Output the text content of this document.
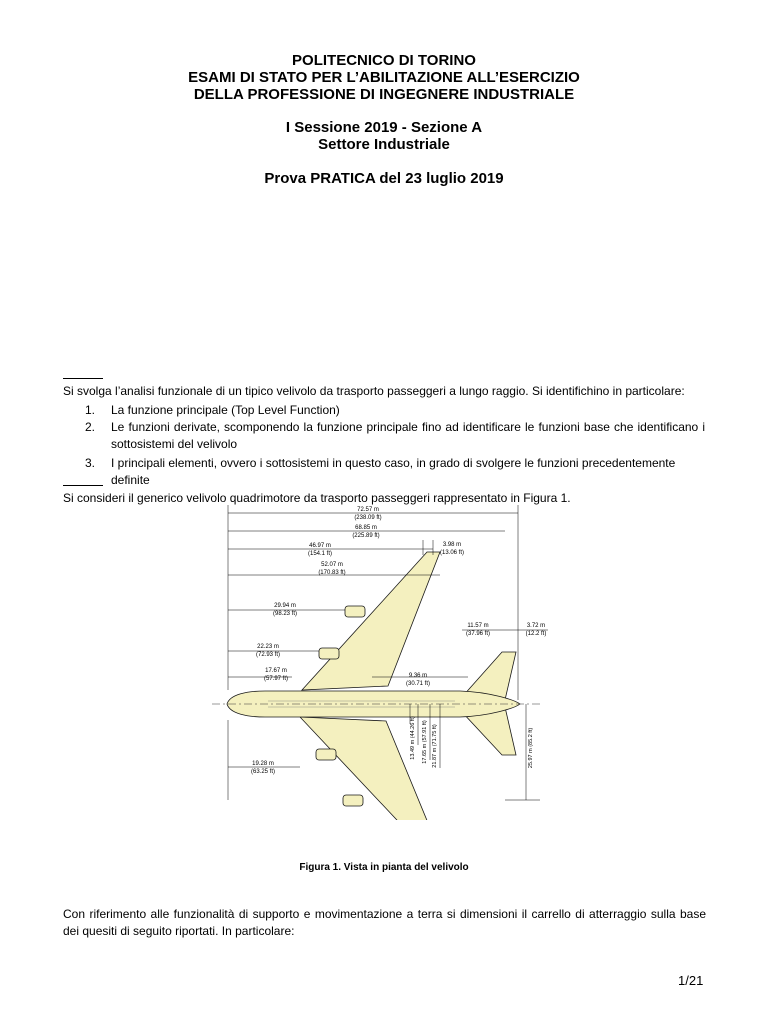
POLITECNICO DI TORINO
ESAMI DI STATO PER L’ABILITAZIONE ALL’ESERCIZIO
DELLA PROFESSIONE DI INGEGNERE INDUSTRIALE
I Sessione 2019 - Sezione A
Settore Industriale
Prova PRATICA del 23 luglio 2019
Si svolga l’analisi funzionale di un tipico velivolo da trasporto passeggeri a lungo raggio. Si identifichino in particolare:
1. La funzione principale (Top Level Function)
2. Le funzioni derivate, scomponendo la funzione principale fino ad identificare le funzioni base che identificano i sottosistemi del velivolo
3. I principali elementi, ovvero i sottosistemi in questo caso, in grado di svolgere le funzioni precedentemente definite
Si consideri il generico velivolo quadrimotore da trasporto passeggeri rappresentato in Figura 1.
72.57 m
(238.09 ft)
68.85 m
(225.89 ft)
46.97 m
(154.1 ft)
3.98 m
(13.06 ft)
52.07 m
(170.83 ft)
29.94 m
(98.23 ft)
11.57 m
(37.96 ft)
3.72 m
(12.2 ft)
22.23 m
(72.93 ft)
17.67 m
(57.97 ft)	9.36 m
(30.71 ft)
19.28 m
(63.25 ft)
13.49 m (44.26 ft) 17.65 m (57.91 ft) 21.87 m (71.75 ft)	25.97 m (85.2 ft)
Figura 1. Vista in pianta del velivolo
Con riferimento alle funzionalità di supporto e movimentazione a terra si dimensioni il carrello di atterraggio sulla base dei quesiti di seguito riportati. In particolare:
1/21
